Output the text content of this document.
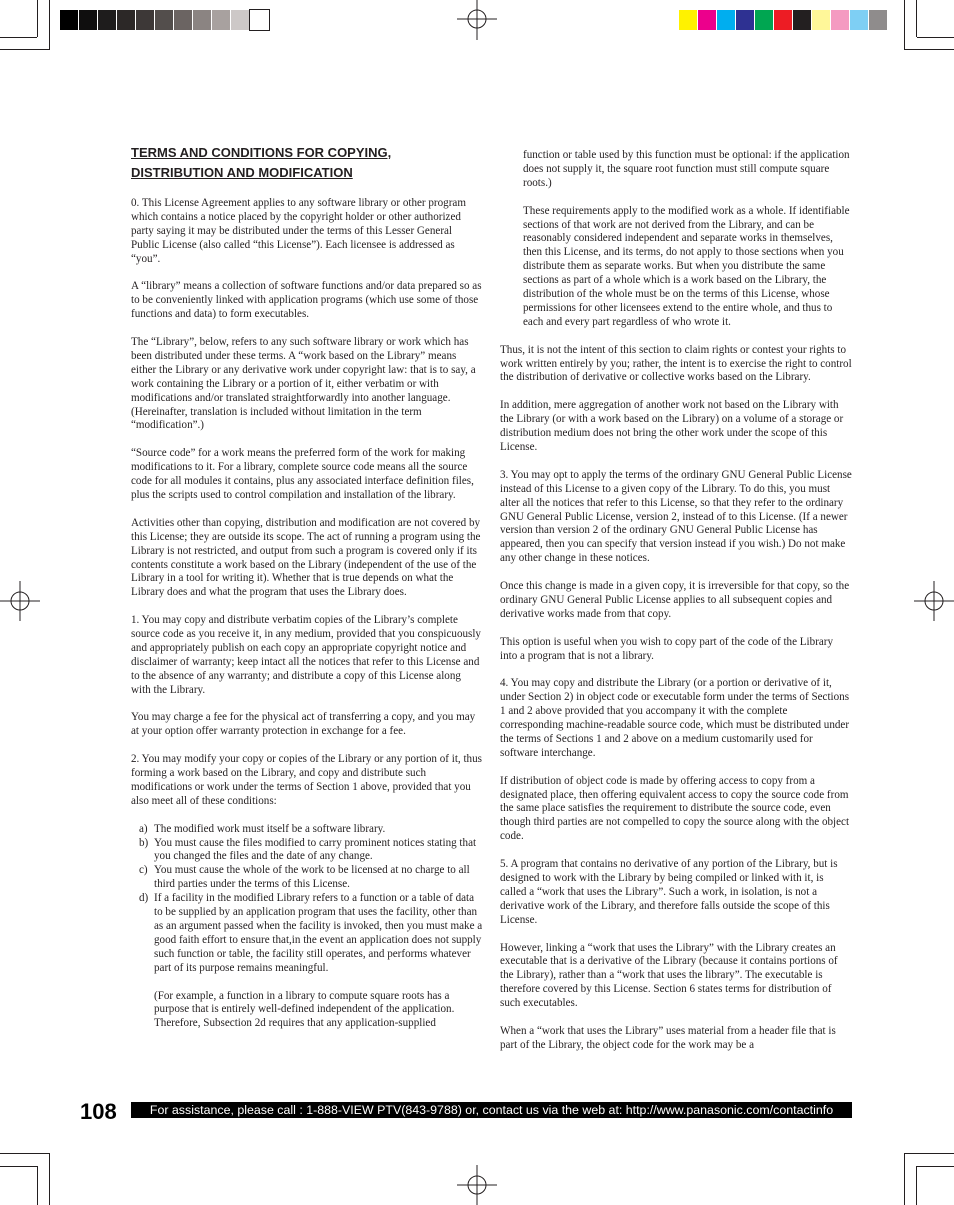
TERMS AND CONDITIONS FOR COPYING,
DISTRIBUTION AND MODIFICATION

0. This License Agreement applies to any software library or other program which contains a notice placed by the copyright holder or other authorized party saying it may be distributed under the terms of this Lesser General Public License (also called “this License”). Each licensee is addressed as “you”.

A “library” means a collection of software functions and/or data prepared so as to be conveniently linked with application programs (which use some of those functions and data) to form executables.

The “Library”, below, refers to any such software library or work which has been distributed under these terms. A “work based on the Library” means either the Library or any derivative work under copyright law: that is to say, a work containing the Library or a portion of it, either verbatim or with modifications and/or translated straightforwardly into another language. (Hereinafter, translation is included without limitation in the term “modification”.)

“Source code” for a work means the preferred form of the work for making modifications to it. For a library, complete source code means all the source code for all modules it contains, plus any associated interface definition files, plus the scripts used to control compilation and installation of the library.

Activities other than copying, distribution and modification are not covered by this License; they are outside its scope. The act of running a program using the Library is not restricted, and output from such a program is covered only if its contents constitute a work based on the Library (independent of the use of the Library in a tool for writing it). Whether that is true depends on what the Library does and what the program that uses the Library does.

1. You may copy and distribute verbatim copies of the Library’s complete source code as you receive it, in any medium, provided that you conspicuously and appropriately publish on each copy an appropriate copyright notice and disclaimer of warranty; keep intact all the notices that refer to this License and to the absence of any warranty; and distribute a copy of this License along with the Library.

You may charge a fee for the physical act of transferring a copy, and you may at your option offer warranty protection in exchange for a fee.

2. You may modify your copy or copies of the Library or any portion of it, thus forming a work based on the Library, and copy and distribute such modifications or work under the terms of Section 1 above, provided that you also meet all of these conditions:

a) The modified work must itself be a software library.
b) You must cause the files modified to carry prominent notices stating that you changed the files and the date of any change.
c) You must cause the whole of the work to be licensed at no charge to all third parties under the terms of this License.
d) If a facility in the modified Library refers to a function or a table of data to be supplied by an application program that uses the facility, other than as an argument passed when the facility is invoked, then you must make a good faith effort to ensure that,in the event an application does not supply such function or table, the facility still operates, and performs whatever part of its purpose remains meaningful.

(For example, a function in a library to compute square roots has a purpose that is entirely well-defined independent of the application. Therefore, Subsection 2d requires that any application-supplied

function or table used by this function must be optional: if the application does not supply it, the square root function must still compute square roots.)

These requirements apply to the modified work as a whole. If identifiable sections of that work are not derived from the Library, and can be reasonably considered independent and separate works in themselves, then this License, and its terms, do not apply to those sections when you distribute them as separate works. But when you distribute the same sections as part of a whole which is a work based on the Library, the distribution of the whole must be on the terms of this License, whose permissions for other licensees extend to the entire whole, and thus to each and every part regardless of who wrote it.

Thus, it is not the intent of this section to claim rights or contest your rights to work written entirely by you; rather, the intent is to exercise the right to control the distribution of derivative or collective works based on the Library.

In addition, mere aggregation of another work not based on the Library with the Library (or with a work based on the Library) on a volume of a storage or distribution medium does not bring the other work under the scope of this License.

3. You may opt to apply the terms of the ordinary GNU General Public License instead of this License to a given copy of the Library. To do this, you must alter all the notices that refer to this License, so that they refer to the ordinary GNU General Public License, version 2, instead of to this License. (If a newer version than version 2 of the ordinary GNU General Public License has appeared, then you can specify that version instead if you wish.) Do not make any other change in these notices.

Once this change is made in a given copy, it is irreversible for that copy, so the ordinary GNU General Public License applies to all subsequent copies and derivative works made from that copy.

This option is useful when you wish to copy part of the code of the Library into a program that is not a library.

4. You may copy and distribute the Library (or a portion or derivative of it, under Section 2) in object code or executable form under the terms of Sections 1 and 2 above provided that you accompany it with the complete corresponding machine-readable source code, which must be distributed under the terms of Sections 1 and 2 above on a medium customarily used for software interchange.

If distribution of object code is made by offering access to copy from a designated place, then offering equivalent access to copy the source code from the same place satisfies the requirement to distribute the source code, even though third parties are not compelled to copy the source along with the object code.

5. A program that contains no derivative of any portion of the Library, but is designed to work with the Library by being compiled or linked with it, is called a “work that uses the Library”. Such a work, in isolation, is not a derivative work of the Library, and therefore falls outside the scope of this License.

However, linking a “work that uses the Library” with the Library creates an executable that is a derivative of the Library (because it contains portions of the Library), rather than a “work that uses the library”. The executable is therefore covered by this License. Section 6 states terms for distribution of such executables.

When a “work that uses the Library” uses material from a header file that is part of the Library, the object code for the work may be a

108	For assistance, please call : 1-888-VIEW PTV(843-9788) or, contact us via the web at: http://www.panasonic.com/contactinfo
